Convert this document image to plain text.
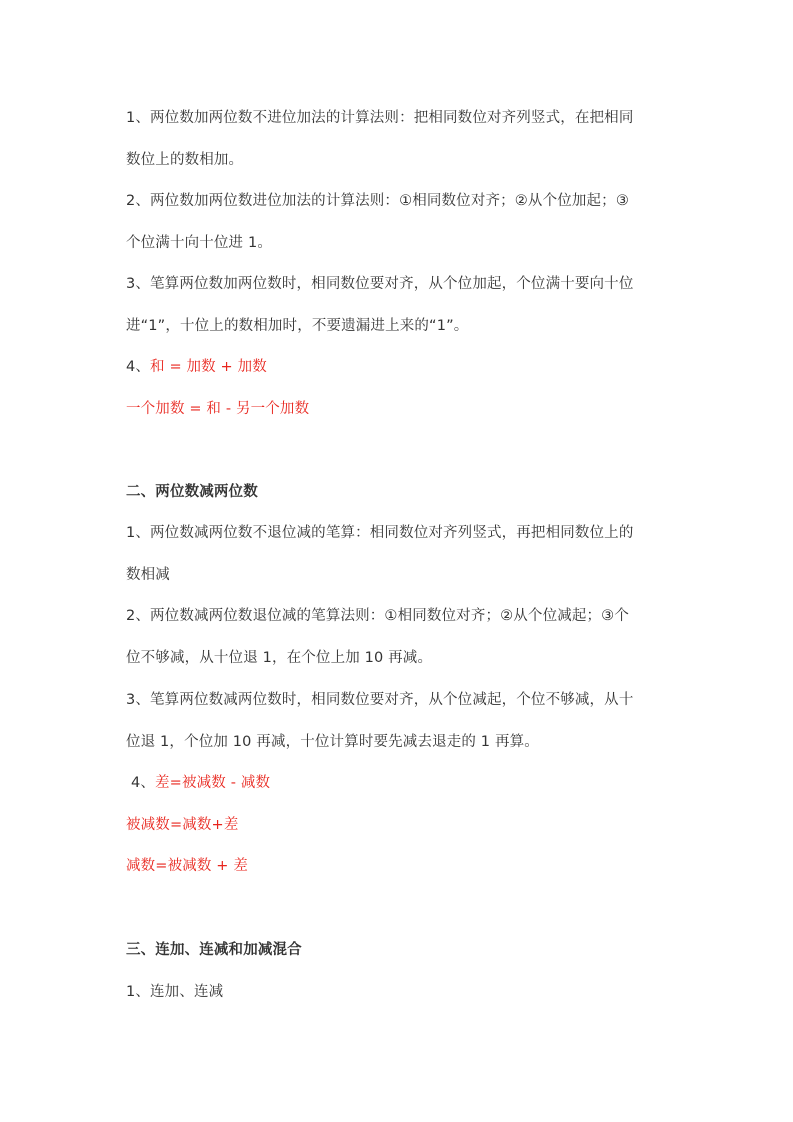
1、两位数加两位数不进位加法的计算法则：把相同数位对齐列竖式，在把相同
数位上的数相加。
2、两位数加两位数进位加法的计算法则：①相同数位对齐；②从个位加起；③
个位满十向十位进 1。
3、笔算两位数加两位数时，相同数位要对齐，从个位加起，个位满十要向十位
进“1”，十位上的数相加时，不要遗漏进上来的“1”。
4、和 = 加数 + 加数
一个加数 = 和 - 另一个加数
二、两位数减两位数
1、两位数减两位数不退位减的笔算：相同数位对齐列竖式，再把相同数位上的
数相减
2、两位数减两位数退位减的笔算法则：①相同数位对齐；②从个位减起；③个
位不够减，从十位退 1，在个位上加 10 再减。
3、笔算两位数减两位数时，相同数位要对齐，从个位减起，个位不够减，从十
位退 1，个位加 10 再减，十位计算时要先减去退走的 1 再算。
4、差=被减数 - 减数
被减数=减数+差
减数=被减数 + 差
三、连加、连减和加减混合
1、连加、连减
